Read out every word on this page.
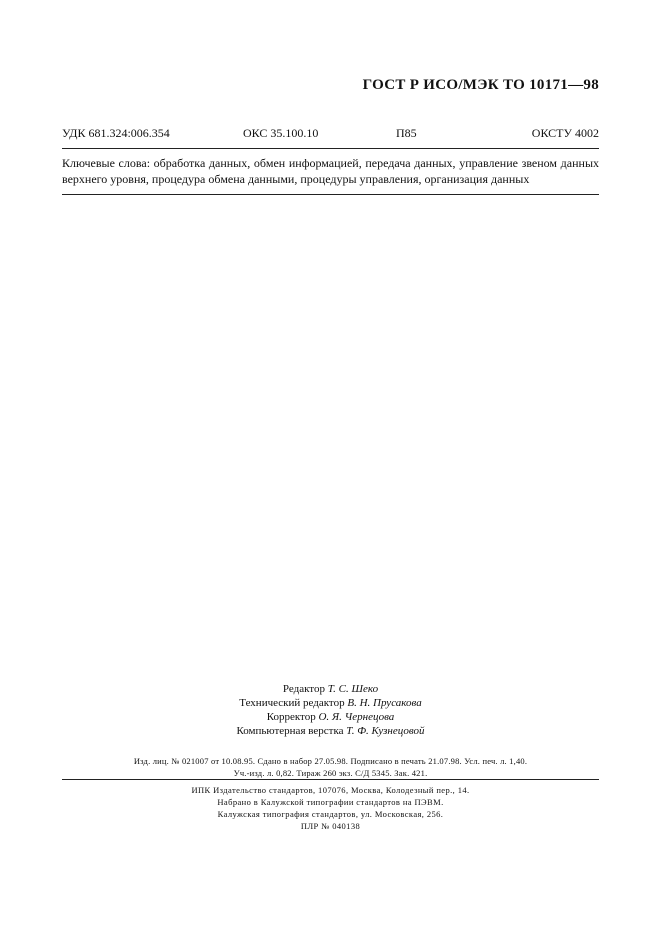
ГОСТ Р ИСО/МЭК ТО 10171—98
УДК 681.324:006.354	ОКС 35.100.10	П85	ОКСТУ 4002
Ключевые слова: обработка данных, обмен информацией, передача данных, управление звеном данных верхнего уровня, процедура обмена данными, процедуры управления, организация данных
Редактор Т. С. Шеко
Технический редактор В. Н. Прусакова
Корректор О. Я. Чернецова
Компьютерная верстка Т. Ф. Кузнецовой
Изд. лиц. № 021007 от 10.08.95. Сдано в набор 27.05.98. Подписано в печать 21.07.98. Усл. печ. л. 1,40.
Уч.-изд. л. 0,82. Тираж 260 экз. С/Д 5345. Зак. 421.
ИПК Издательство стандартов, 107076, Москва, Колодезный пер., 14.
Набрано в Калужской типографии стандартов на ПЭВМ.
Калужская типография стандартов, ул. Московская, 256.
ПЛР № 040138
